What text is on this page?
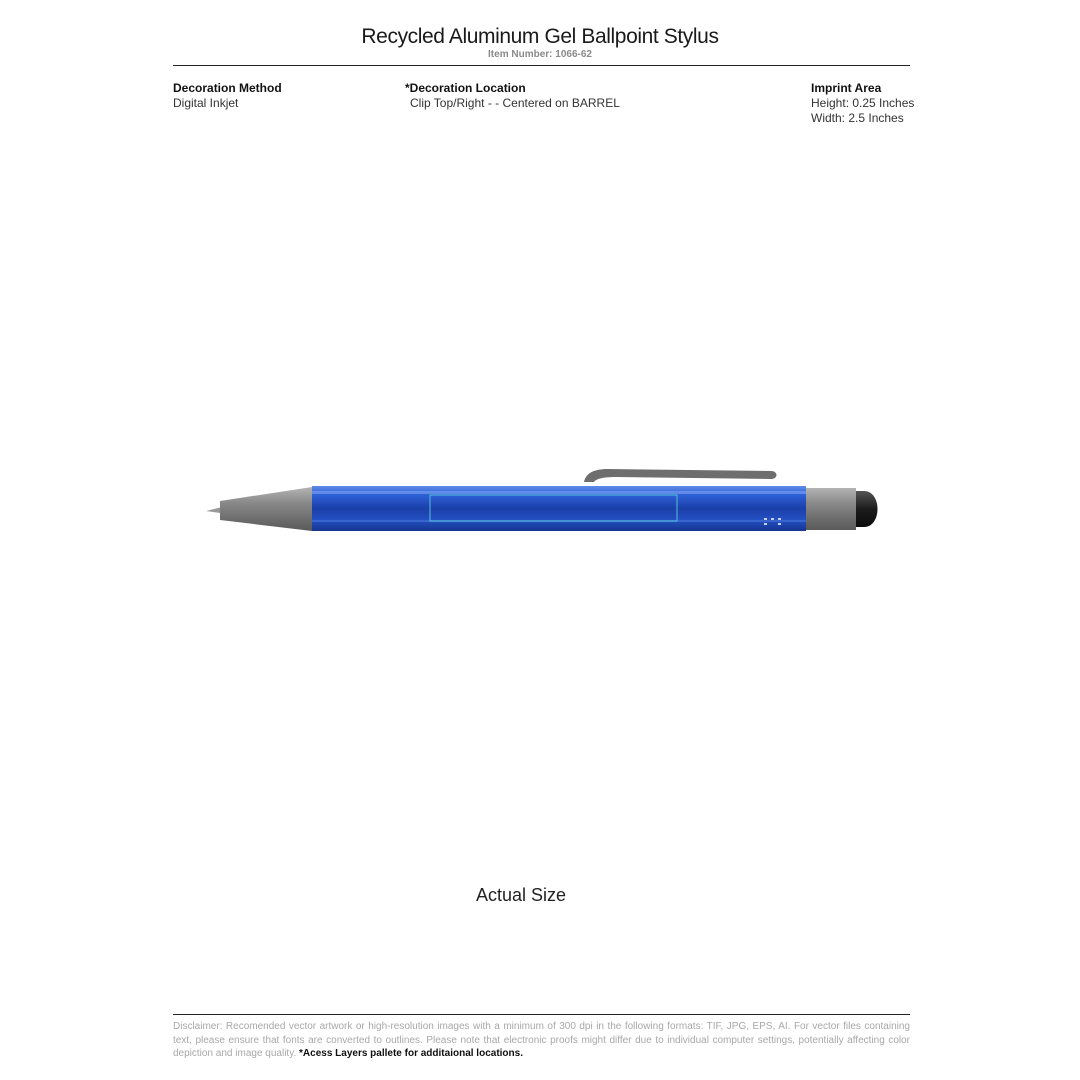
Recycled Aluminum Gel Ballpoint Stylus
Item Number: 1066-62
Decoration Method
Digital Inkjet
*Decoration Location
Clip Top/Right - - Centered on BARREL
Imprint Area
Height: 0.25 Inches
Width: 2.5 Inches
Actual Size
Disclaimer: Recomended vector artwork or high-resolution images with a minimum of 300 dpi in the following formats: TIF, JPG, EPS, AI. For vector files containing text, please ensure that fonts are converted to outlines. Please note that electronic proofs might differ due to individual computer settings, potentially affecting color depiction and image quality. *Acess Layers pallete for additaional locations.
